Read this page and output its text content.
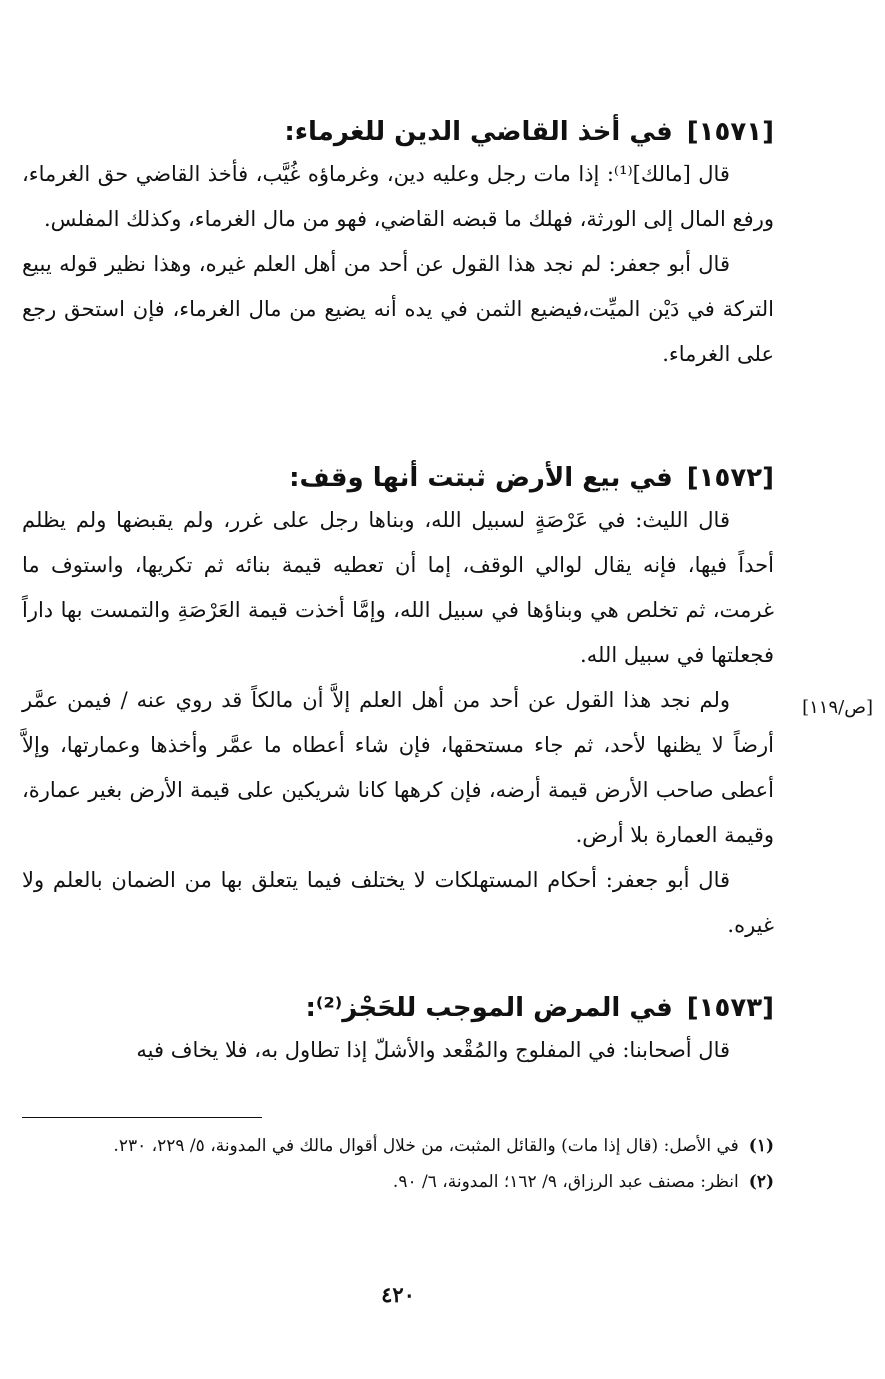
[١٥٧١]في أخذ القاضي الدين للغرماء:

قال [مالك]⁽¹⁾: إذا مات رجل وعليه دين، وغرماؤه غُيَّب، فأخذ القاضي حق الغرماء، ورفع المال إلى الورثة، فهلك ما قبضه القاضي، فهو من مال الغرماء، وكذلك المفلس.

قال أبو جعفر: لم نجد هذا القول عن أحد من أهل العلم غيره، وهذا نظير قوله يبيع التركة في دَيْن الميِّت،فيضيع الثمن في يده أنه يضيع من مال الغرماء، فإن استحق رجع على الغرماء.

[١٥٧٢]في بيع الأرض ثبتت أنها وقف:

قال الليث: في عَرْصَةٍ لسبيل الله، وبناها رجل على غرر، ولم يقبضها ولم يظلم أحداً فيها، فإنه يقال لوالي الوقف، إما أن تعطيه قيمة بنائه ثم تكريها، واستوف ما غرمت، ثم تخلص هي وبناؤها في سبيل الله، وإمَّا أخذت قيمة العَرْصَةِ والتمست بها داراً فجعلتها في سبيل الله.

ولم نجد هذا القول عن أحد من أهل العلم إلاَّ أن مالكاً قد روي عنه / فيمن عمَّر أرضاً لا يظنها لأحد، ثم جاء مستحقها، فإن شاء أعطاه ما عمَّر وأخذها وعمارتها، وإلاَّ أعطى صاحب الأرض قيمة أرضه، فإن كرهها كانا شريكين على قيمة الأرض بغير عمارة، وقيمة العمارة بلا أرض.

قال أبو جعفر: أحكام المستهلكات لا يختلف فيما يتعلق بها من الضمان بالعلم ولا غيره.

[١٥٧٣]في المرض الموجب للحَجْز⁽²⁾:

قال أصحابنا: في المفلوج والمُقْعد والأشلّ إذا تطاول به، فلا يخاف فيه

(١)في الأصل: (قال إذا مات) والقائل المثبت، من خلال أقوال مالك في المدونة، ٥/ ٢٢٩، ٢٣٠.

(٢)انظر: مصنف عبد الرزاق، ٩/ ١٦٢؛ المدونة، ٦/ ٩٠.

٤٢٠
[ص/١١٩]
